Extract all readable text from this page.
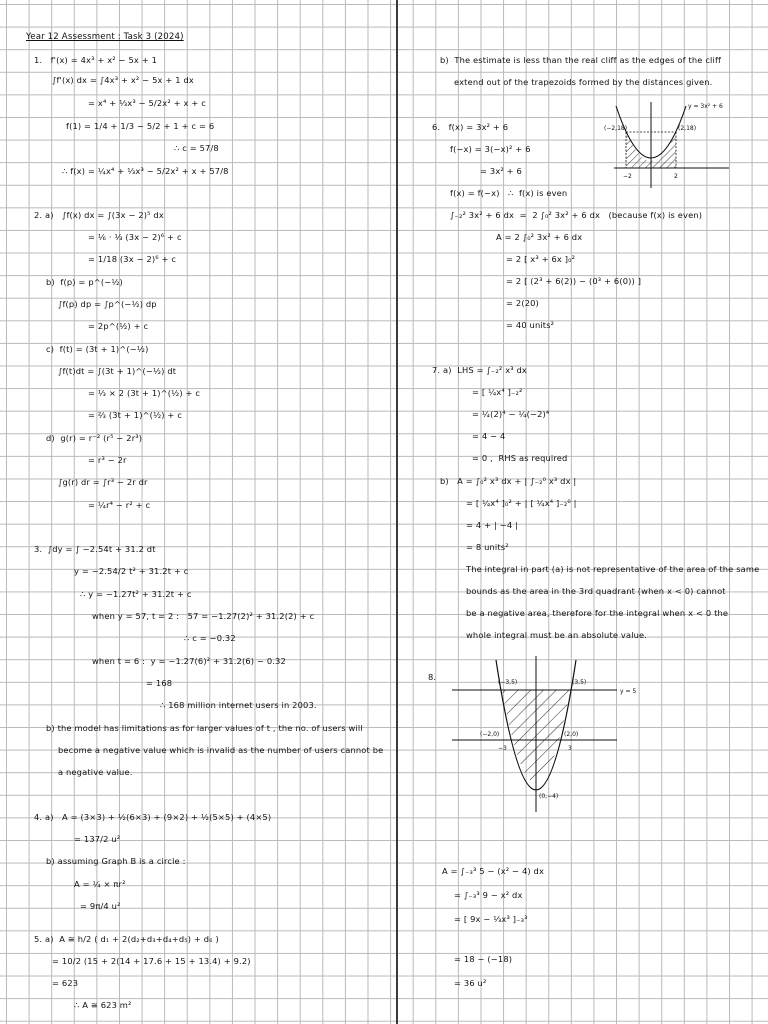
Year 12 Assessment : Task 3 (2024)
1.   f'(x) = 4x³ + x² − 5x + 1
∫f'(x) dx = ∫4x³ + x² − 5x + 1 dx
= x⁴ + ⅓x³ − 5/2x² + x + c
f(1) = 1/4 + 1/3 − 5/2 + 1 + c = 6
∴ c = 57/8
∴ f(x) = ¼x⁴ + ⅓x³ − 5/2x² + x + 57/8
2. a)   ∫f(x) dx = ∫(3x − 2)⁵ dx
= ⅙ · ⅓ (3x − 2)⁶ + c
= 1/18 (3x − 2)⁶ + c
b)  f(p) = p^(−½)
∫f(p) dp = ∫p^(−½) dp
= 2p^(½) + c
c)  f(t) = (3t + 1)^(−½)
∫f(t)dt = ∫(3t + 1)^(−½) dt
= ⅓ × 2 (3t + 1)^(½) + c
= ⅔ (3t + 1)^(½) + c
d)  g(r) = r⁻² (r⁵ − 2r³)
= r³ − 2r
∫g(r) dr = ∫r³ − 2r dr
= ¼r⁴ − r² + c
3.  ∫dy = ∫ −2.54t + 31.2 dt
y = −2.54/2 t² + 31.2t + c
∴ y = −1.27t² + 31.2t + c
when y = 57, t = 2 :   57 = −1.27(2)² + 31.2(2) + c
∴ c = −0.32
when t = 6 :  y = −1.27(6)² + 31.2(6) − 0.32
= 168
∴ 168 million internet users in 2003.
b) the model has limitations as for larger values of t , the no. of users will
become a negative value which is invalid as the number of users cannot be
a negative value.
4. a)   A = (3×3) + ½(6×3) + (9×2) + ½(5×5) + (4×5)
= 137/2 u²
b) assuming Graph B is a circle :
A = ¼ × πr²
= 9π/4 u²
5. a)  A ≅ h/2 ( d₁ + 2(d₂+d₃+d₄+d₅) + d₆ )
= 10/2 (15 + 2(14 + 17.6 + 15 + 13.4) + 9.2)
= 623
∴ A ≅ 623 m²
b)  The estimate is less than the real cliff as the edges of the cliff
extend out of the trapezoids formed by the distances given.
6.   f(x) = 3x² + 6
f(−x) = 3(−x)² + 6
= 3x² + 6
f(x) = f(−x)   ∴  f(x) is even
∫₋₂² 3x² + 6 dx  =  2 ∫₀² 3x² + 6 dx   (because f(x) is even)
A = 2 ∫₀² 3x² + 6 dx
= 2 [ x³ + 6x ]₀²
= 2 [ (2³ + 6(2)) − (0³ + 6(0)) ]
= 2(20)
= 40 units²
7. a)  LHS = ∫₋₂² x³ dx
= [ ¼x⁴ ]₋₂²
= ¼(2)⁴ − ¼(−2)⁴
= 4 − 4
= 0 ,  RHS as required
b)   A = ∫₀² x³ dx + | ∫₋₂⁰ x³ dx |
= [ ¼x⁴ ]₀² + | [ ¼x⁴ ]₋₂⁰ |
= 4 + | −4 |
= 8 units²
The integral in part (a) is not representative of the area of the same
bounds as the area in the 3rd quadrant (when x < 0) cannot
be a negative area, therefore for the integral when x < 0 the
whole integral must be an absolute value.
8.
A = ∫₋₃³ 5 − (x² − 4) dx
= ∫₋₃³ 9 − x² dx
= [ 9x − ⅓x³ ]₋₃³
= 18 − (−18)
= 36 u²
y = 3x² + 6
(−2,18)	(2,18)
−2	2
y = 5
(−3,5)	(3,5)
(−2,0)	(2,0)
−3	3
(0,−4)
